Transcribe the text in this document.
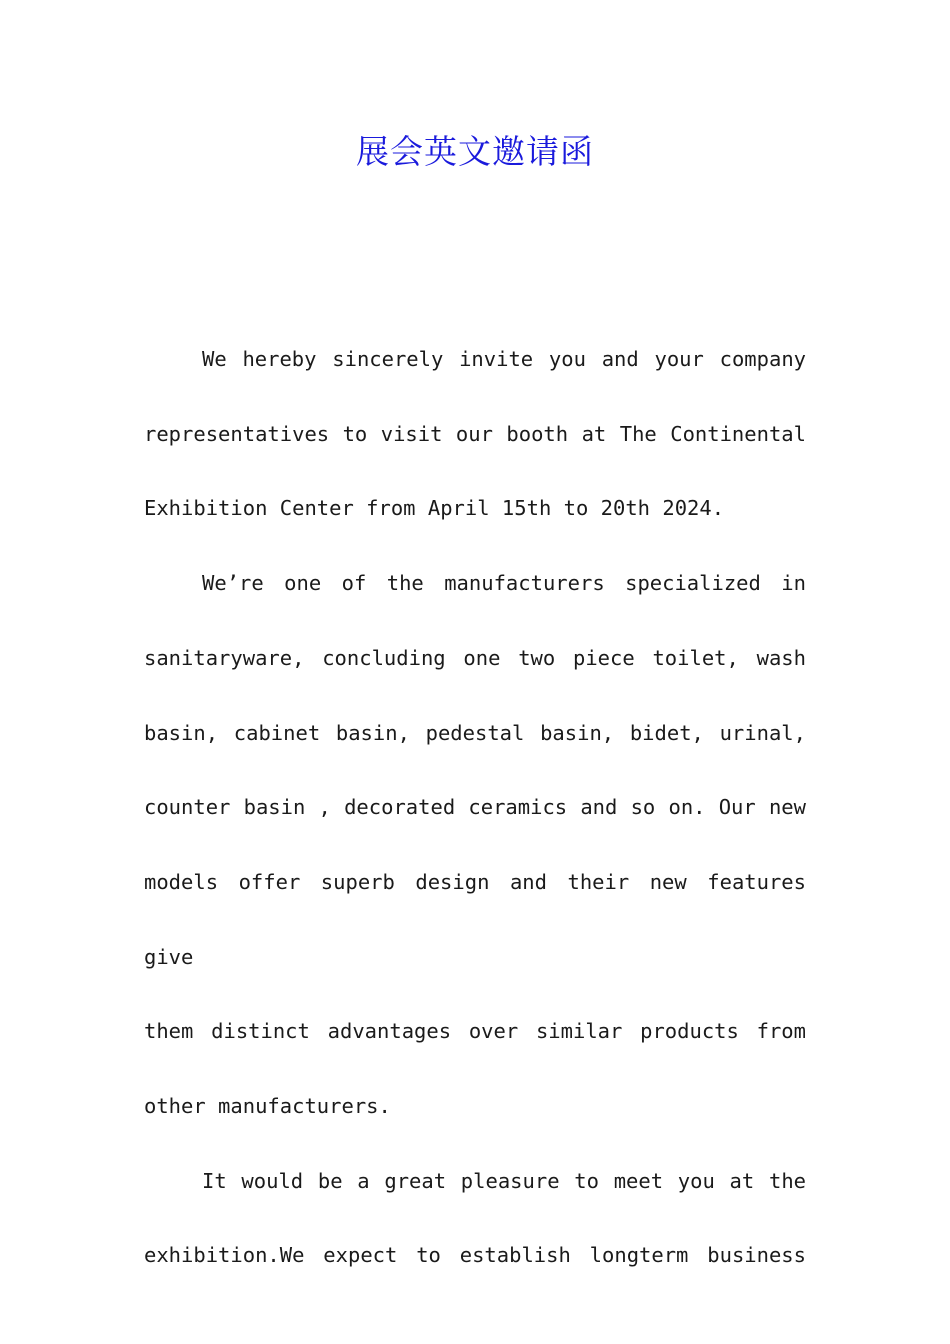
展会英文邀请函
We hereby sincerely invite you and your company
representatives to visit our booth at The Continental
Exhibition Center from April 15th to 20th 2024.
We’re one of the manufacturers specialized in
sanitaryware, concluding one two piece toilet, wash
basin, cabinet basin, pedestal basin, bidet, urinal,
counter basin , decorated ceramics and so on. Our new
models offer superb design and their new features give
them distinct advantages over similar products from
other manufacturers.
It would be a great pleasure to meet you at the
exhibition.We expect to establish longterm business
